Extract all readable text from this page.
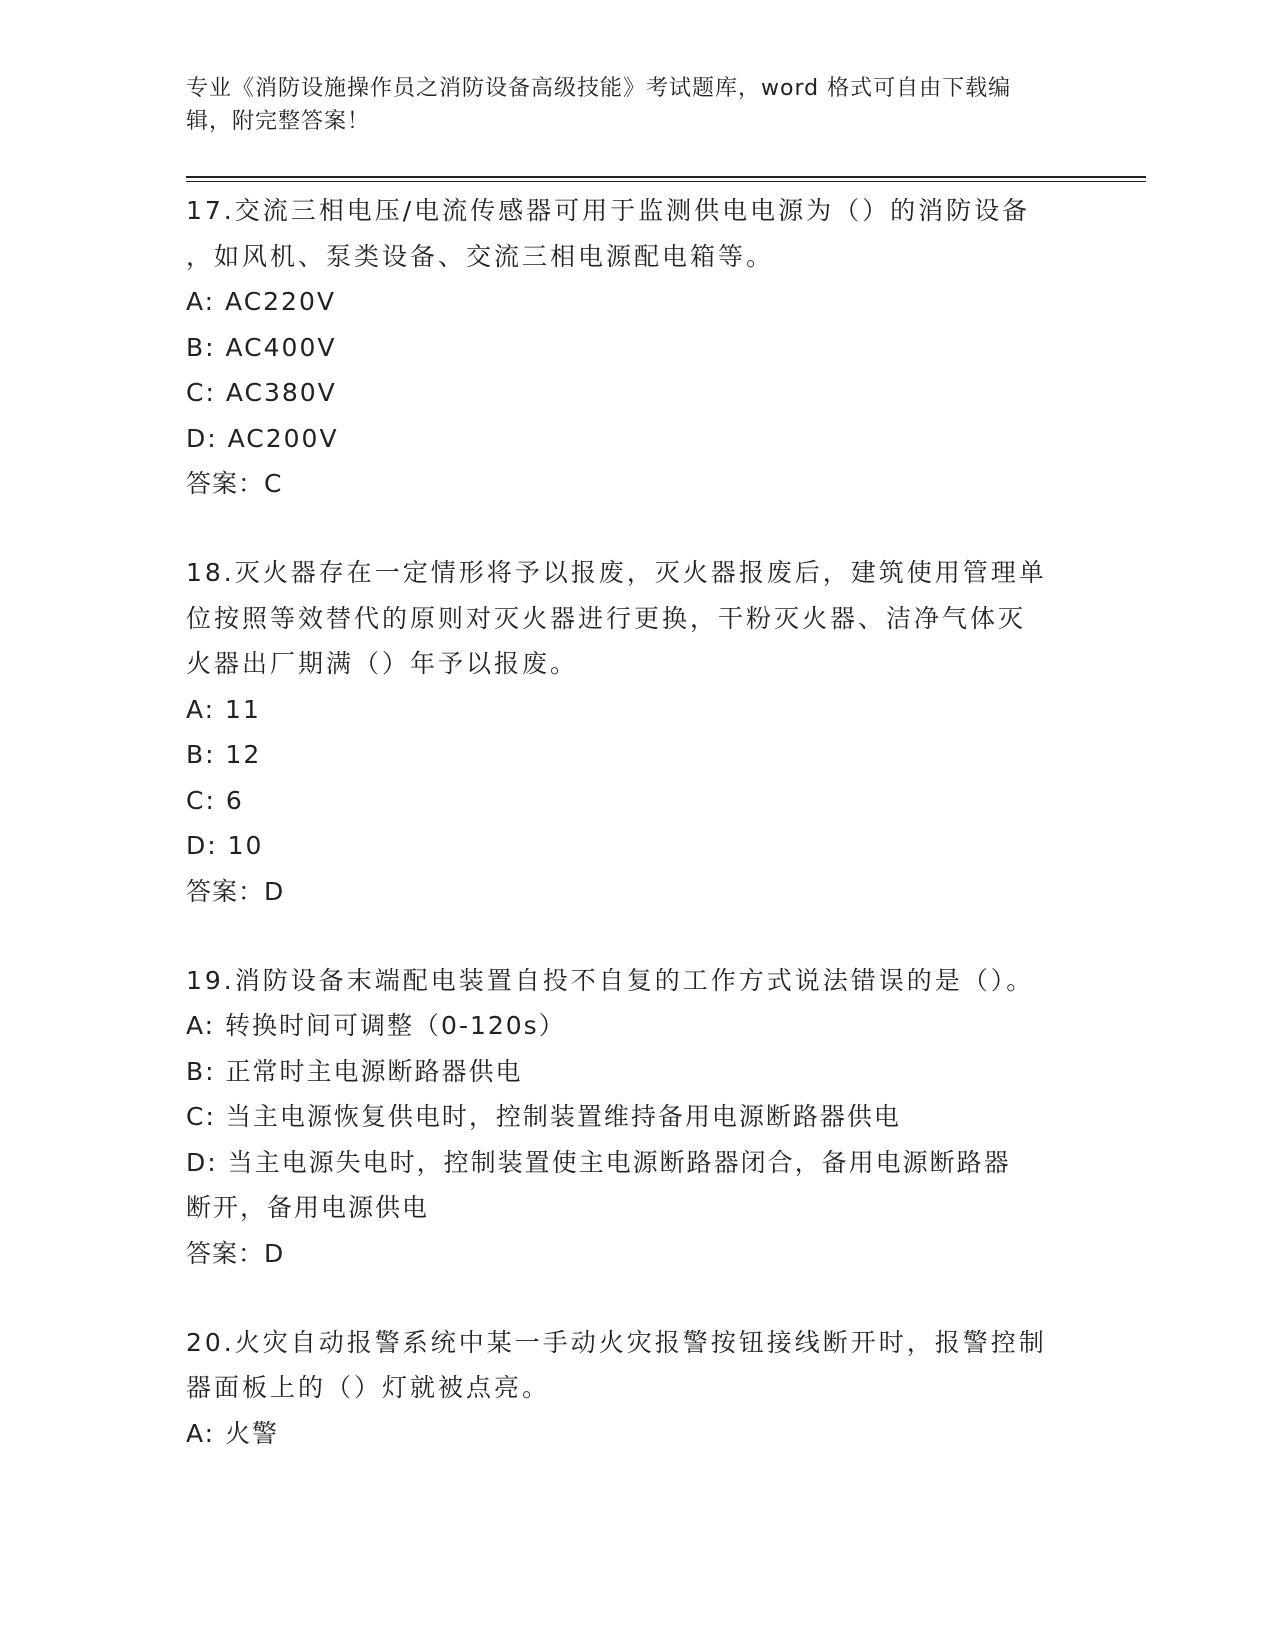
专业《消防设施操作员之消防设备高级技能》考试题库，word 格式可自由下载编
辑，附完整答案！
17.交流三相电压/电流传感器可用于监测供电电源为（）的消防设备
，如风机、泵类设备、交流三相电源配电箱等。
A: AC220V
B: AC400V
C: AC380V
D: AC200V
答案：C
18.灭火器存在一定情形将予以报废，灭火器报废后，建筑使用管理单
位按照等效替代的原则对灭火器进行更换，干粉灭火器、洁净气体灭
火器出厂期满（）年予以报废。
A: 11
B: 12
C: 6
D: 10
答案：D
19.消防设备末端配电装置自投不自复的工作方式说法错误的是（）。
A: 转换时间可调整（0-120s）
B: 正常时主电源断路器供电
C: 当主电源恢复供电时，控制装置维持备用电源断路器供电
D: 当主电源失电时，控制装置使主电源断路器闭合，备用电源断路器
断开，备用电源供电
答案：D
20.火灾自动报警系统中某一手动火灾报警按钮接线断开时，报警控制
器面板上的（）灯就被点亮。
A: 火警
